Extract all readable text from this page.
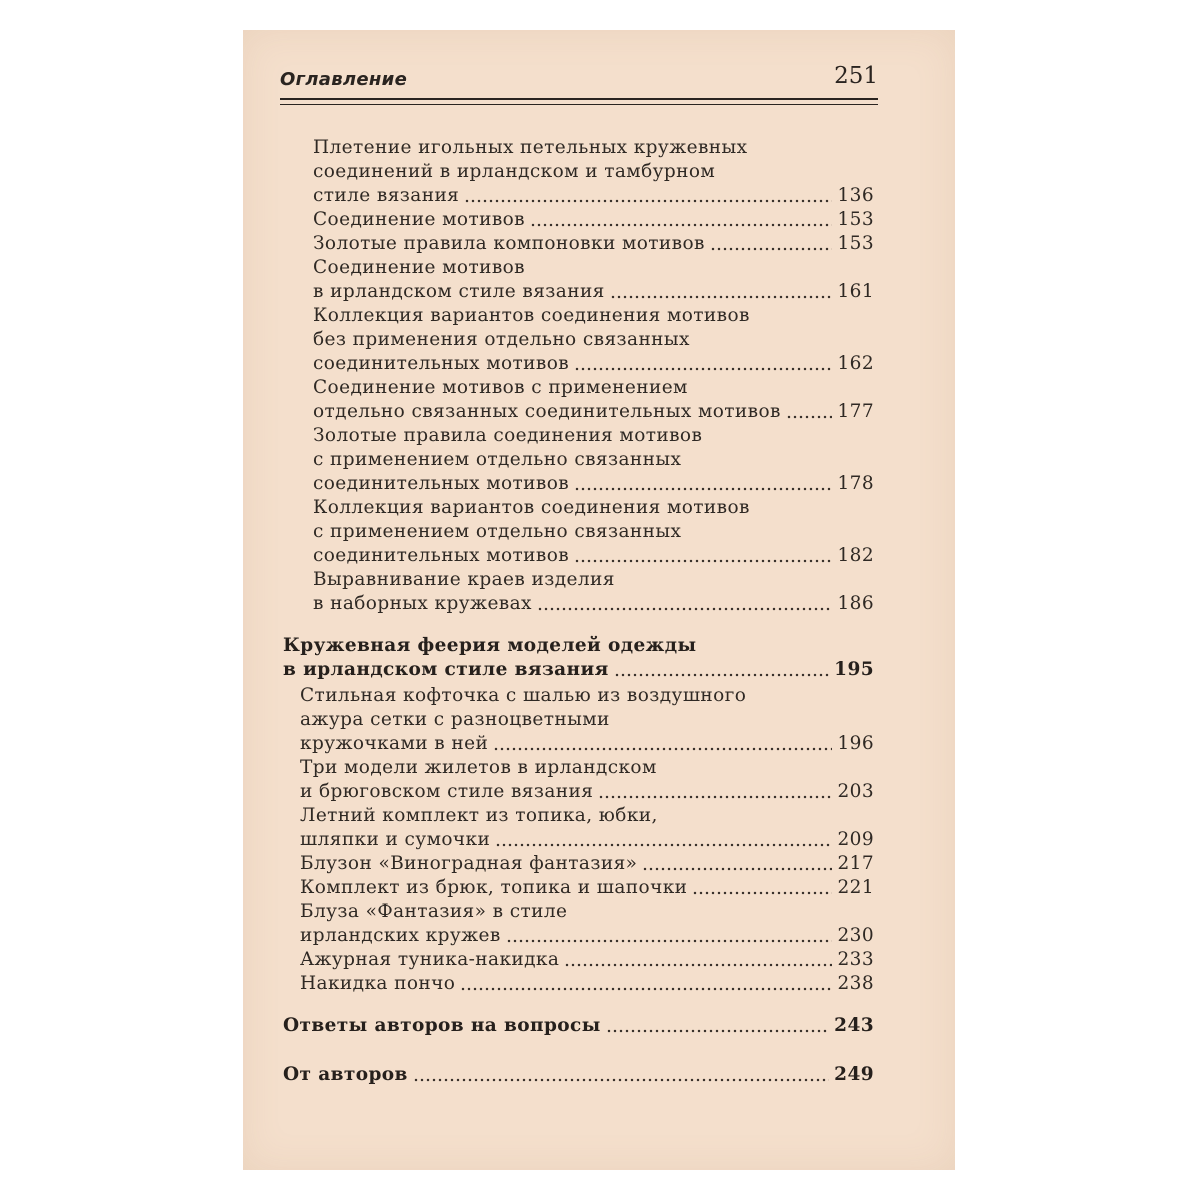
Оглавление	251
Плетение игольных петельных кружевных
соединений в ирландском и тамбурном
стиле вязания	136
Соединение мотивов	153
Золотые правила компоновки мотивов	153
Соединение мотивов
в ирландском стиле вязания	161
Коллекция вариантов соединения мотивов
без применения отдельно связанных
соединительных мотивов	162
Соединение мотивов с применением
отдельно связанных соединительных мотивов	177
Золотые правила соединения мотивов
с применением отдельно связанных
соединительных мотивов	178
Коллекция вариантов соединения мотивов
с применением отдельно связанных
соединительных мотивов	182
Выравнивание краев изделия
в наборных кружевах	186
Кружевная феерия моделей одежды
в ирландском стиле вязания	195
Стильная кофточка с шалью из воздушного
ажура сетки с разноцветными
кружочками в ней	196
Три модели жилетов в ирландском
и брюговском стиле вязания	203
Летний комплект из топика, юбки,
шляпки и сумочки	209
Блузон «Виноградная фантазия»	217
Комплект из брюк, топика и шапочки	221
Блуза «Фантазия» в стиле
ирландских кружев	230
Ажурная туника-накидка	233
Накидка пончо	238
Ответы авторов на вопросы	243
От авторов	249
